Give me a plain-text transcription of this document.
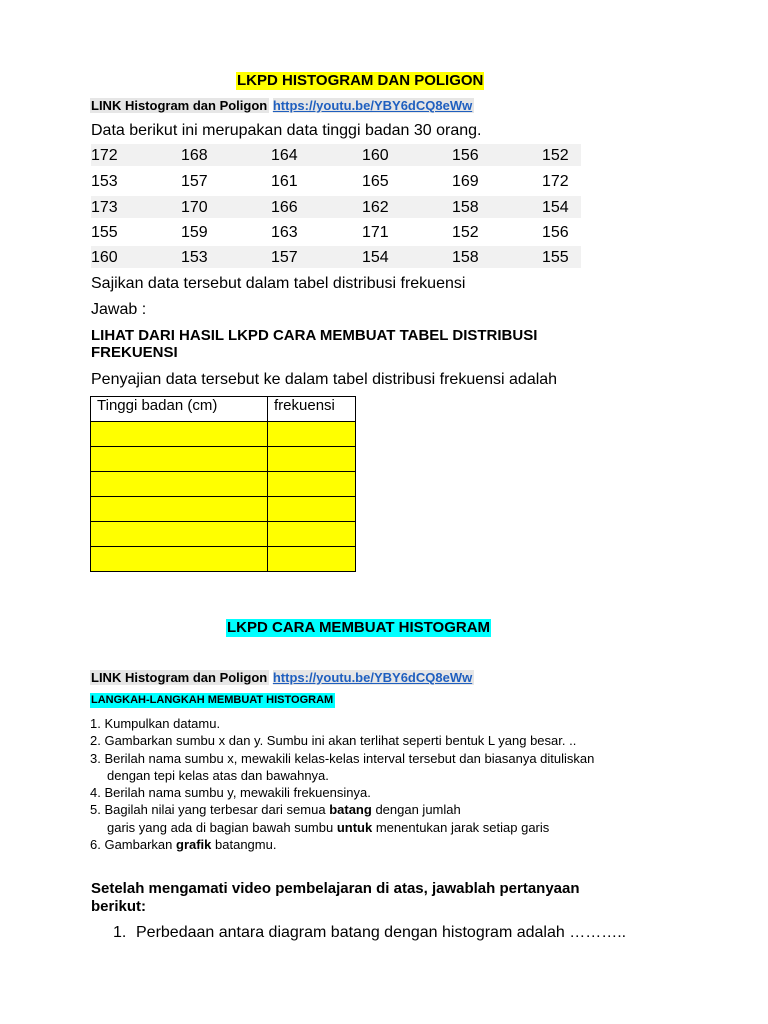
LKPD HISTOGRAM DAN POLIGON
LINK Histogram dan Poligon https://youtu.be/YBY6dCQ8eWw
Data berikut ini merupakan data tinggi badan 30 orang.
172	168	164	160	156	152
153	157	161	165	169	172
173	170	166	162	158	154
155	159	163	171	152	156
160	153	157	154	158	155
Sajikan data tersebut dalam tabel distribusi frekuensi
Jawab :
LIHAT DARI HASIL LKPD CARA MEMBUAT TABEL DISTRIBUSI
FREKUENSI
Penyajian data tersebut ke dalam tabel distribusi frekuensi adalah
Tinggi badan (cm)	frekuensi

LKPD CARA MEMBUAT HISTOGRAM
LINK Histogram dan Poligon https://youtu.be/YBY6dCQ8eWw
LANGKAH-LANGKAH MEMBUAT HISTOGRAM
1. Kumpulkan datamu.
2. Gambarkan sumbu x dan y. Sumbu ini akan terlihat seperti bentuk L yang besar. ..
3. Berilah nama sumbu x, mewakili kelas-kelas interval tersebut dan biasanya dituliskan
dengan tepi kelas atas dan bawahnya.
4. Berilah nama sumbu y, mewakili frekuensinya.
5. Bagilah nilai yang terbesar dari semua batang dengan jumlah
garis yang ada di bagian bawah sumbu untuk menentukan jarak setiap garis
6. Gambarkan grafik batangmu.
Setelah mengamati video pembelajaran di atas, jawablah pertanyaan
berikut:
1. Perbedaan antara diagram batang dengan histogram adalah ………..
